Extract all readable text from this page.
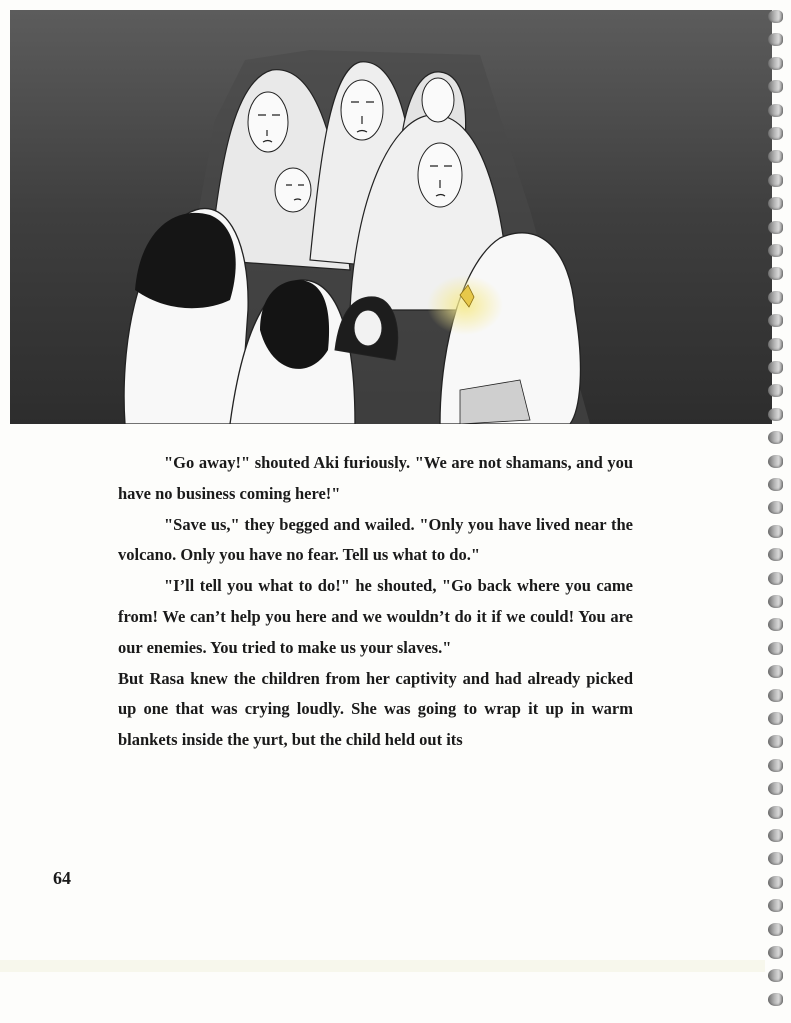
"Go away!" shouted Aki furiously. "We are not shamans, and you have no business coming here!"

"Save us," they begged and wailed. "Only you have lived near the volcano. Only you have no fear. Tell us what to do."

"I’ll tell you what to do!" he shouted, "Go back where you came from! We can’t help you here and we wouldn’t do it if we could! You are our enemies. You tried to make us your slaves."

But Rasa knew the children from her captivity and had already picked up one that was crying loudly. She was going to wrap it up in warm blankets inside the yurt, but the child held out its

64
